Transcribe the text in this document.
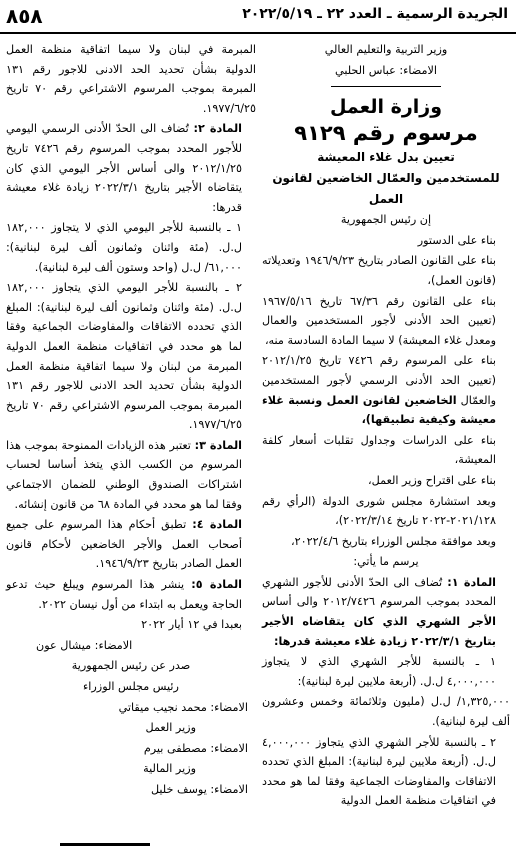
الجريدة الرسمية ـ العدد ٢٢ ـ ٢٠٢٢/٥/١٩
٨٥٨

وزير التربية والتعليم العالي

الامضاء: عباس الحلبي

وزارة العمل
مرسوم رقم ٩١٢٩
تعيين بدل غلاء المعيشة
للمستخدمين والعمّال الخاضعين لقانون العمل

إن رئيس الجمهورية

بناء على الدستور

بناء على القانون الصادر بتاريخ ١٩٤٦/٩/٢٣ وتعديلاته (قانون العمل)،

بناء على القانون رقم ٦٧/٣٦ تاريخ ١٩٦٧/٥/١٦ (تعيين الحد الأدنى لأجور المستخدمين والعمال ومعدل غلاء المعيشة) لا سيما المادة السادسة منه،

بناء على المرسوم رقم ٧٤٢٦ تاريخ ٢٠١٢/١/٢٥ (تعيين الحد الأدنى الرسمي لأجور المستخدمين والعمّال الخاضعين لقانون العمل ونسبة غلاء معيشة وكيفية تطبيقها)،

بناء على الدراسات وجداول تقلبات أسعار كلفة المعيشة،

بناء على اقتراح وزير العمل،

وبعد استشارة مجلس شورى الدولة (الرأي رقم ٢٠٢١/١٢٨-٢٠٢٢ تاريخ ٢٠٢٢/٣/١٤)،

وبعد موافقة مجلس الوزراء بتاريخ ٢٠٢٢/٤/٦،

يرسم ما يأتي:

المادة ١: تُضاف الى الحدّ الأدنى للأجور الشهري المحدد بموجب المرسوم ٢٠١٢/٧٤٢٦ والى أساس الأجر الشهري الذي كان يتقاضاه الأجير بتاريخ ٢٠٢٢/٣/١ زيادة غلاء معيشة قدرها:

١ ـ بالنسبة للأجر الشهري الذي لا يتجاوز ٤,٠٠٠,٠٠٠ ل.ل. (أربعة ملايين ليرة لبنانية):

١,٣٢٥,٠٠٠/ ل.ل (مليون وثلاثمائة وخمس وعشرون ألف ليرة لبنانية).

٢ ـ بالنسبة للأجر الشهري الذي يتجاوز ٤,٠٠٠,٠٠٠ ل.ل. (أربعة ملايين ليرة لبنانية): المبلغ الذي تحدده الاتفاقات والمفاوضات الجماعية وفقا لما هو محدد في اتفاقيات منظمة العمل الدولية

المبرمة في لبنان ولا سيما اتفاقية منظمة العمل الدولية بشأن تحديد الحد الادنى للاجور رقم ١٣١ المبرمة بموجب المرسوم الاشتراعي رقم ٧٠ تاريخ ١٩٧٧/٦/٢٥.

المادة ٢: تُضاف الى الحدّ الأدنى الرسمي اليومي للأجور المحدد بموجب المرسوم رقم ٧٤٢٦ تاريخ ٢٠١٢/١/٢٥ والى أساس الأجر اليومي الذي كان يتقاضاه الأجير بتاريخ ٢٠٢٢/٣/١ زيادة غلاء معيشة قدرها:

١ ـ بالنسبة للأجر اليومي الذي لا يتجاوز ١٨٢,٠٠٠ ل.ل. (مئة واثنان وثمانون ألف ليرة لبنانية): ٦١,٠٠٠/ ل.ل (واحد وستون ألف ليرة لبنانية).

٢ ـ بالنسبة للأجر اليومي الذي يتجاوز ١٨٢,٠٠٠ ل.ل. (مئة واثنان وثمانون ألف ليرة لبنانية): المبلغ الذي تحدده الاتفاقات والمفاوضات الجماعية وفقا لما هو محدد في اتفاقيات منظمة العمل الدولية المبرمة من لبنان ولا سيما اتفاقية منظمة العمل الدولية بشأن تحديد الحد الادنى للاجور رقم ١٣١ المبرمة بموجب المرسوم الاشتراعي رقم ٧٠ تاريخ ١٩٧٧/٦/٢٥.

المادة ٣: تعتبر هذه الزيادات الممنوحة بموجب هذا المرسوم من الكسب الذي يتخذ أساسا لحساب اشتراكات الصندوق الوطني للضمان الاجتماعي وفقا لما هو محدد في المادة ٦٨ من قانون إنشائه.

المادة ٤: تطبق أحكام هذا المرسوم على جميع أصحاب العمل والأجر الخاضعين لأحكام قانون العمل الصادر بتاريخ ١٩٤٦/٩/٢٣.

المادة ٥: ينشر هذا المرسوم ويبلغ حيث تدعو الحاجة ويعمل به ابتداء من أول نيسان ٢٠٢٢.

بعبدا في ١٢ أيار ٢٠٢٢

الامضاء: ميشال عون

صدر عن رئيس الجمهورية

رئيس مجلس الوزراء

الامضاء: محمد نجيب ميقاتي

وزير العمل

الامضاء: مصطفى بيرم

وزير المالية

الامضاء: يوسف خليل
